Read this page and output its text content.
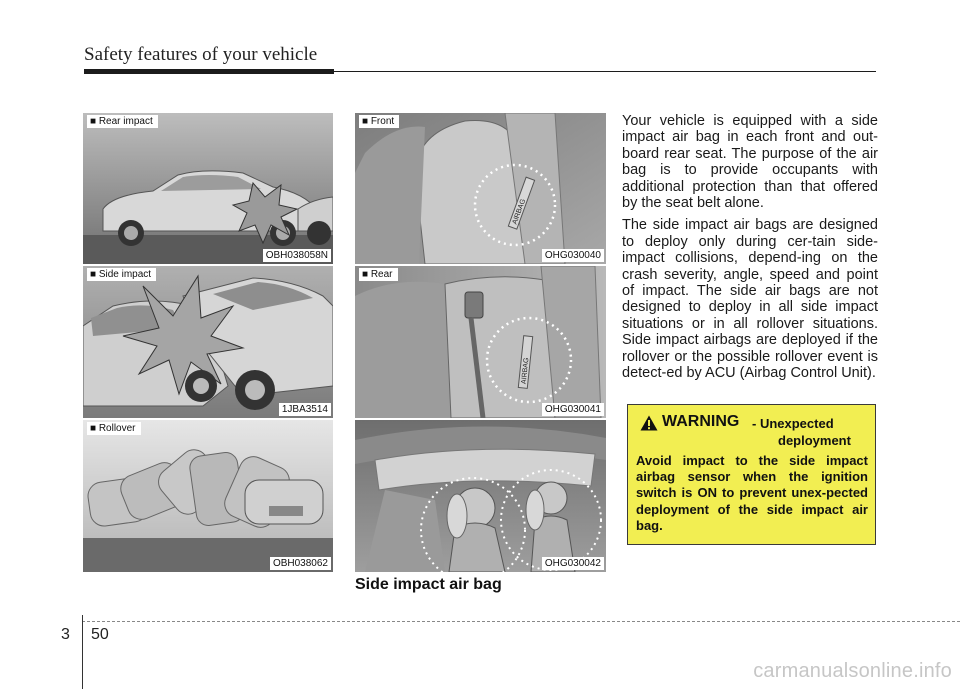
Safety features of your vehicle
■ Rear impact
OBH038058N
■ Side impact
1JBA3514
■ Rollover
OBH038062
AIRBAG
■ Front
OHG030040
AIRBAG
■ Rear
OHG030041
OHG030042
Side impact air bag

Your vehicle is equipped with a side impact air bag in each front and out-board rear seat. The purpose of the air bag is to provide occupants with additional protection than that offered by the seat belt alone.

The side impact air bags are designed to deploy only during cer-tain side-impact collisions, depend-ing on the crash severity, angle, speed and point of impact. The side air bags are not designed to deploy in all side impact situations or in all rollover situations. Side impact airbags are deployed if the rollover or the possible rollover event is detect-ed by ACU (Airbag Control Unit).

WARNING - Unexpected
deployment
Avoid impact to the side impact airbag sensor when the ignition switch is ON to prevent unex-pected deployment of the side impact air bag.
3 50
carmanualsonline.info
